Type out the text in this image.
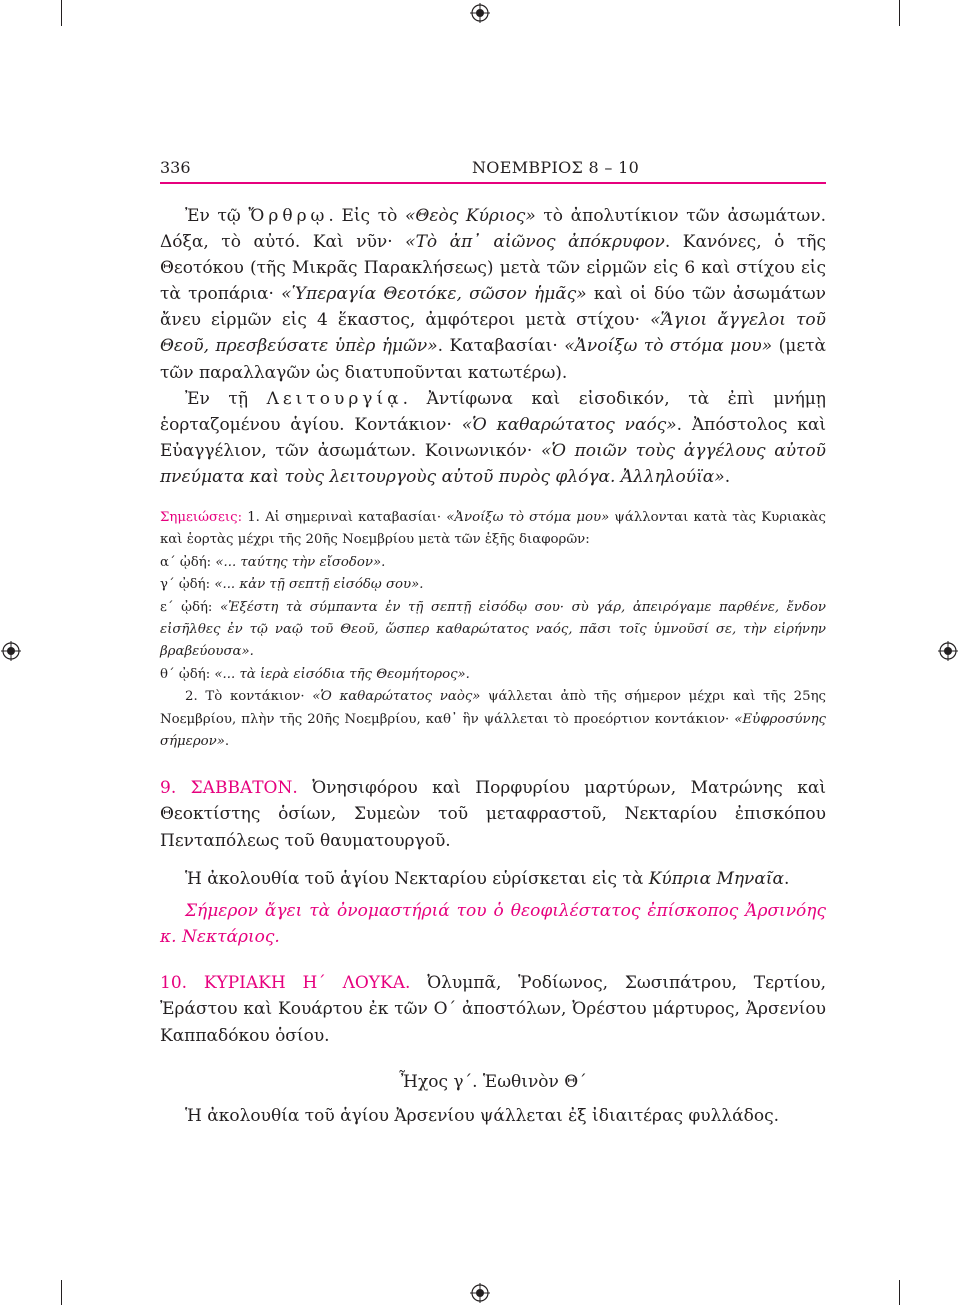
336	ΝΟΕΜΒΡΙΟΣ 8 – 10
Ἐν τῷ Ὄρθρῳ. Εἰς τὸ «Θεὸς Κύριος» τὸ ἀπολυτίκιον τῶν ἀσωμάτων. Δόξα, τὸ αὐτό. Καὶ νῦν· «Τὸ ἀπ᾽ αἰῶνος ἀπόκρυφον. Κανόνες, ὁ τῆς Θεοτόκου (τῆς Μικρᾶς Παρακλήσεως) μετὰ τῶν εἱρμῶν εἰς 6 καὶ στίχου εἰς τὰ τροπάρια· «Ὑπεραγία Θεοτόκε, σῶσον ἡμᾶς» καὶ οἱ δύο τῶν ἀσωμάτων ἄνευ εἱρμῶν εἰς 4 ἕκαστος, ἀμφότεροι μετὰ στίχου· «Ἅγιοι ἄγγελοι τοῦ Θεοῦ, πρεσβεύσατε ὑπὲρ ἡμῶν». Καταβασίαι· «Ἀνοίξω τὸ στόμα μου» (μετὰ τῶν παραλλαγῶν ὡς διατυποῦνται κατωτέρω).
Ἐν τῇ Λειτουργίᾳ. Ἀντίφωνα καὶ εἰσοδικόν, τὰ ἐπὶ μνήμῃ ἑορταζομένου ἁγίου. Κοντάκιον· «Ὁ καθαρώτατος ναός». Ἀπόστολος καὶ Εὐαγγέλιον, τῶν ἀσωμάτων. Κοινωνικόν· «Ὁ ποιῶν τοὺς ἀγγέλους αὐτοῦ πνεύματα καὶ τοὺς λειτουργοὺς αὐτοῦ πυρὸς φλόγα. Ἀλληλούϊα».
Σημειώσεις: 1. Αἱ σημεριναὶ καταβασίαι· «Ἀνοίξω τὸ στόμα μου» ψάλλονται κατὰ τὰς Κυριακὰς καὶ ἑορτὰς μέχρι τῆς 20ῆς Νοεμβρίου μετὰ τῶν ἑξῆς διαφορῶν:
α΄ ᾠδή: «... ταύτης τὴν εἴσοδον».
γ΄ ᾠδή: «... κἀν τῇ σεπτῇ εἰσόδῳ σου».
ε΄ ᾠδή: «Ἐξέστη τὰ σύμπαντα ἐν τῇ σεπτῇ εἰσόδῳ σου· σὺ γάρ, ἀπειρόγαμε παρθένε, ἔνδον εἰσῆλθες ἐν τῷ ναῷ τοῦ Θεοῦ, ὥσπερ καθαρώτατος ναός, πᾶσι τοῖς ὑμνοῦσί σε, τὴν εἰρήνην βραβεύουσα».
θ΄ ᾠδή: «... τὰ ἱερὰ εἰσόδια τῆς Θεομήτορος».
2. Τὸ κοντάκιον· «Ὁ καθαρώτατος ναὸς» ψάλλεται ἀπὸ τῆς σήμερον μέχρι καὶ τῆς 25ης Νοεμβρίου, πλὴν τῆς 20ῆς Νοεμβρίου, καθ᾽ ἣν ψάλλεται τὸ προεόρτιον κοντάκιον· «Εὐφροσύνης σήμερον».
9. ΣΑΒΒΑΤΟΝ. Ὀνησιφόρου καὶ Πορφυρίου μαρτύρων, Ματρώνης καὶ Θεοκτίστης ὁσίων, Συμεὼν τοῦ μεταφραστοῦ, Νεκταρίου ἐπισκόπου Πενταπόλεως τοῦ θαυματουργοῦ.
Ἡ ἀκολουθία τοῦ ἁγίου Νεκταρίου εὑρίσκεται εἰς τὰ Κύπρια Μηναῖα.
Σήμερον ἄγει τὰ ὀνομαστήριά του ὁ θεοφιλέστατος ἐπίσκοπος Ἀρσινόης κ. Νεκτάριος.
10. ΚΥΡΙΑΚΗ Η΄ ΛΟΥΚΑ. Ὀλυμπᾶ, Ῥοδίωνος, Σωσιπάτρου, Τερτίου, Ἐράστου καὶ Κουάρτου ἐκ τῶν Ο΄ ἀποστόλων, Ὀρέστου μάρτυρος, Ἀρσενίου Καππαδόκου ὁσίου.
Ἦχος γ΄. Ἑωθινὸν Θ΄
Ἡ ἀκολουθία τοῦ ἁγίου Ἀρσενίου ψάλλεται ἐξ ἰδιαιτέρας φυλλάδος.
